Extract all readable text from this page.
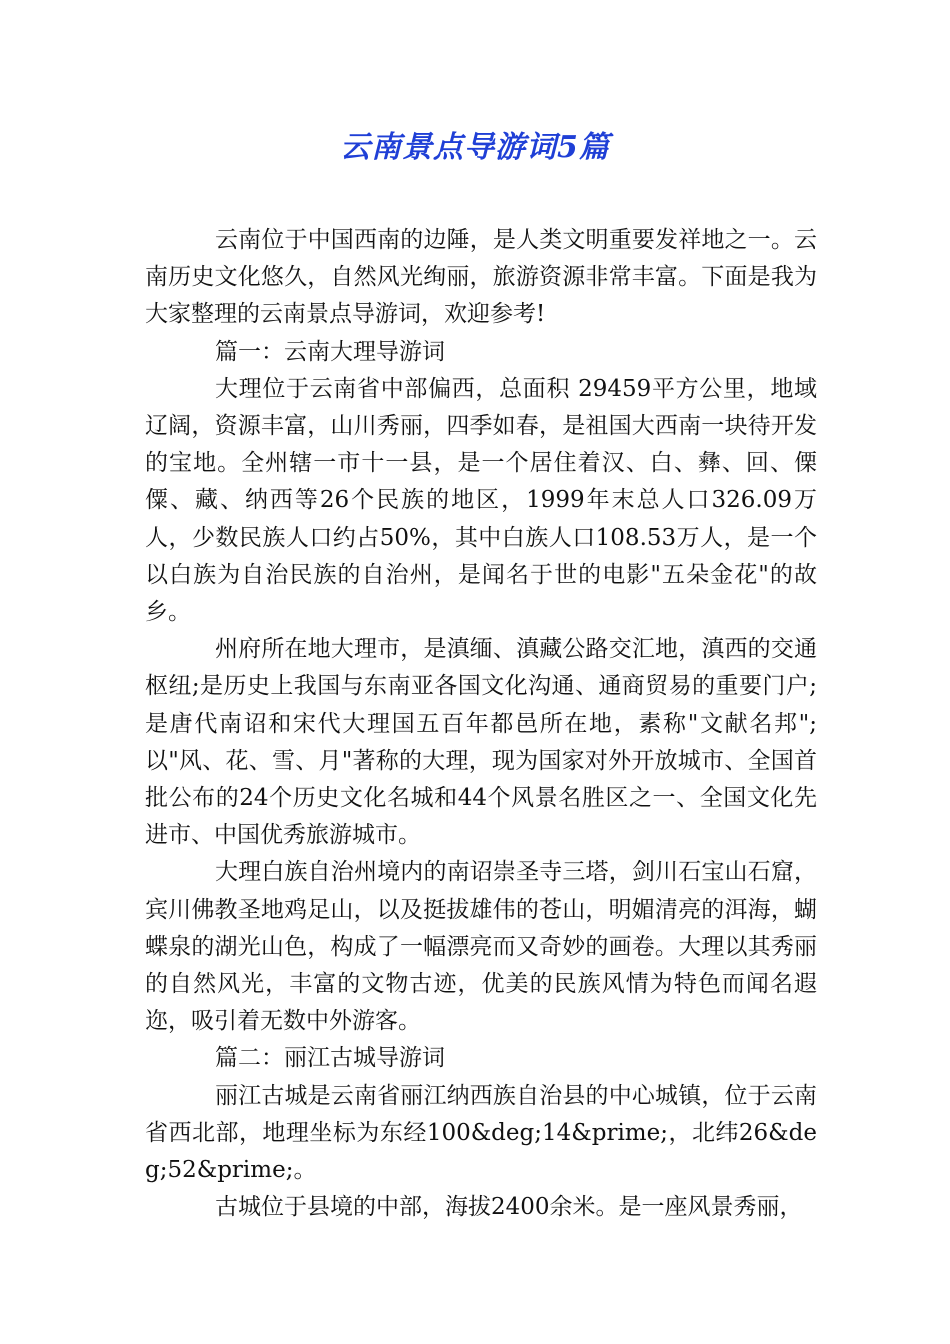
云南景点导游词5篇

云南位于中国西南的边陲，是人类文明重要发祥地之一。云南历史文化悠久，自然风光绚丽，旅游资源非常丰富。下面是我为大家整理的云南景点导游词，欢迎参考!

篇一：云南大理导游词

大理位于云南省中部偏西，总面积 29459平方公里，地域辽阔，资源丰富，山川秀丽，四季如春，是祖国大西南一块待开发的宝地。全州辖一市十一县，是一个居住着汉、白、彝、回、傈僳、藏、纳西等26个民族的地区，1999年末总人口326.09万人，少数民族人口约占50%，其中白族人口108.53万人，是一个以白族为自治民族的自治州，是闻名于世的电影"五朵金花"的故乡。

州府所在地大理市，是滇缅、滇藏公路交汇地，滇西的交通枢纽;是历史上我国与东南亚各国文化沟通、通商贸易的重要门户;是唐代南诏和宋代大理国五百年都邑所在地，素称"文献名邦";以"风、花、雪、月"著称的大理，现为国家对外开放城市、全国首批公布的24个历史文化名城和44个风景名胜区之一、全国文化先进市、中国优秀旅游城市。

大理白族自治州境内的南诏崇圣寺三塔，剑川石宝山石窟，宾川佛教圣地鸡足山，以及挺拔雄伟的苍山，明媚清亮的洱海，蝴蝶泉的湖光山色，构成了一幅漂亮而又奇妙的画卷。大理以其秀丽的自然风光，丰富的文物古迹，优美的民族风情为特色而闻名遐迩，吸引着无数中外游客。

篇二：丽江古城导游词

丽江古城是云南省丽江纳西族自治县的中心城镇，位于云南省西北部，地理坐标为东经100&deg;14&prime;，北纬26&deg;52&prime;。

古城位于县境的中部，海拔2400余米。是一座风景秀丽，
